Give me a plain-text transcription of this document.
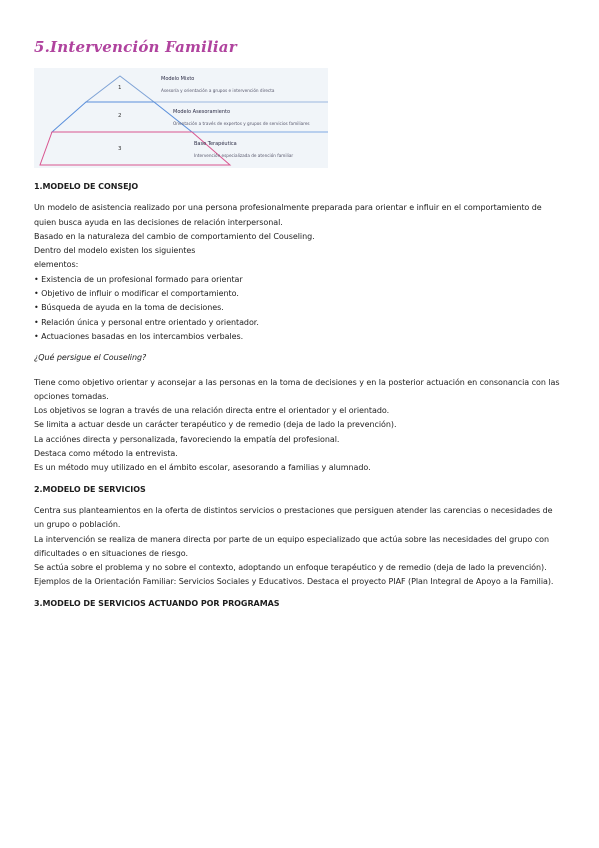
5.Intervención Familiar
1
2
3
Modelo Mixto
Asesoría y orientación a grupos e intervención directa
Modelo Asesoramiento
Orientación a través de expertos y grupos de servicios familiares
Base Terapéutica
Intervención especializada de atención familiar

1.MODELO DE CONSEJO

Un modelo de asistencia realizado por una persona profesionalmente preparada para orientar e influir en el comportamiento de quien busca ayuda en las decisiones de relación interpersonal.

Basado en la naturaleza del cambio de comportamiento del Couseling.

Dentro del modelo existen los siguientes

elementos:

• Existencia de un profesional formado para orientar

• Objetivo de influir o modificar el comportamiento.

• Búsqueda de ayuda en la toma de decisiones.

• Relación única y personal entre orientado y orientador.

• Actuaciones basadas en los intercambios verbales.

¿Qué persigue el Couseling?

Tiene como objetivo orientar y aconsejar a las personas en la toma de decisiones y en la posterior actuación en consonancia con las opciones tomadas.

Los objetivos se logran a través de una relación directa entre el orientador y el orientado.

Se limita a actuar desde un carácter terapéutico y de remedio (deja de lado la prevención).

La acciónes directa y personalizada, favoreciendo la empatía del profesional.

Destaca como método la entrevista.

Es un método muy utilizado en el ámbito escolar, asesorando a familias y alumnado.

2.MODELO DE SERVICIOS

Centra sus planteamientos en la oferta de distintos servicios o prestaciones que persiguen atender las carencias o necesidades de un grupo o población.

La intervención se realiza de manera directa por parte de un equipo especializado que actúa sobre las necesidades del grupo con dificultades o en situaciones de riesgo.

Se actúa sobre el problema y no sobre el contexto, adoptando un enfoque terapéutico y de remedio (deja de lado la prevención).

Ejemplos de la Orientación Familiar: Servicios Sociales y Educativos. Destaca el proyecto PIAF (Plan Integral de Apoyo a la Familia).

3.MODELO DE SERVICIOS ACTUANDO POR PROGRAMAS
